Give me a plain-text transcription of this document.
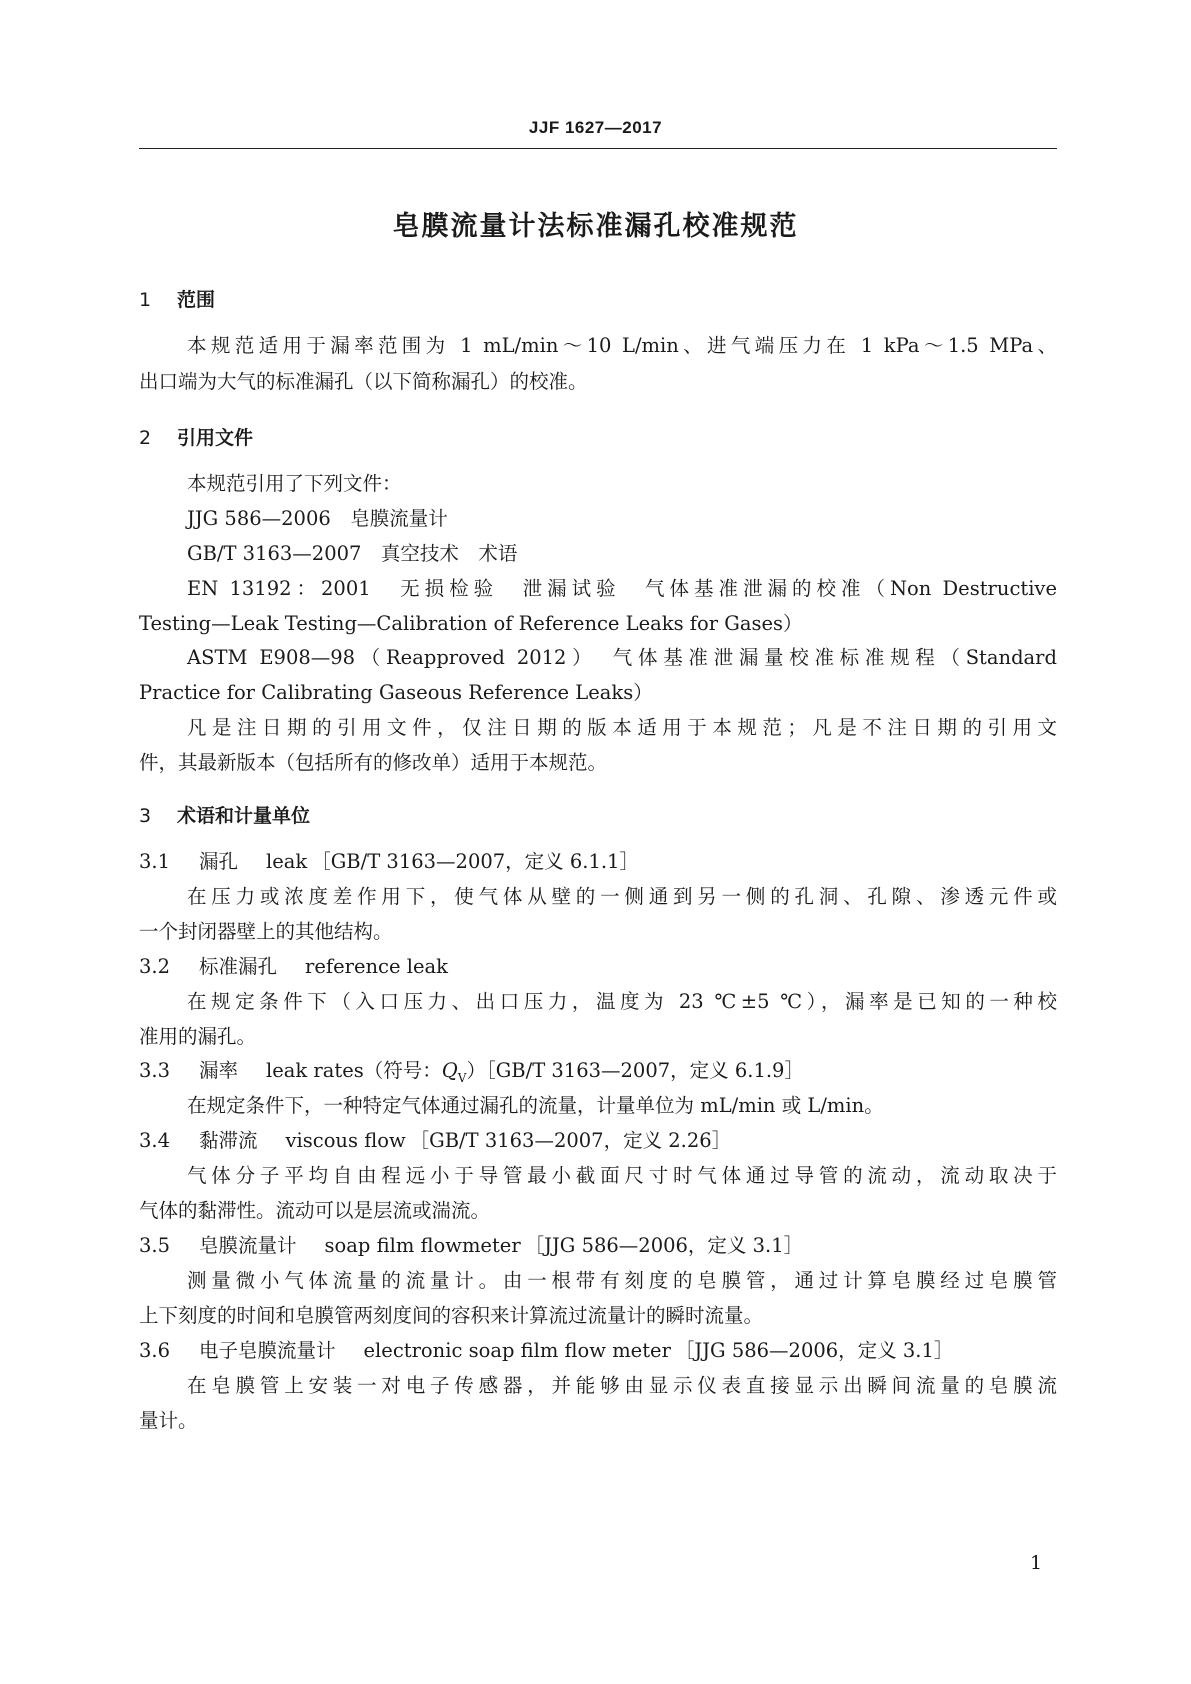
JJF 1627—2017
皂膜流量计法标准漏孔校准规范
1 范围
本规范适用于漏率范围为 1 mL/min～10 L/min、进气端压力在 1 kPa～1.5 MPa、
出口端为大气的标准漏孔（以下简称漏孔）的校准。
2 引用文件
本规范引用了下列文件：
JJG 586—2006　皂膜流量计
GB/T 3163—2007　真空技术　术语
EN 13192：2001　无损检验　泄漏试验　气体基准泄漏的校准（Non Destructive
Testing—Leak Testing—Calibration of Reference Leaks for Gases）
ASTM E908—98（Reapproved 2012）　气体基准泄漏量校准标准规程（Standard
Practice for Calibrating Gaseous Reference Leaks）
凡是注日期的引用文件，仅注日期的版本适用于本规范；凡是不注日期的引用文
件，其最新版本（包括所有的修改单）适用于本规范。
3 术语和计量单位
3.1 漏孔 leak ［GB/T 3163—2007，定义 6.1.1］
在压力或浓度差作用下，使气体从壁的一侧通到另一侧的孔洞、孔隙、渗透元件或
一个封闭器壁上的其他结构。
3.2 标准漏孔 reference leak
在规定条件下（入口压力、出口压力，温度为 23 ℃±5 ℃），漏率是已知的一种校
准用的漏孔。
3.3 漏率 leak rates（符号：$Q_V)[GB/T$ 3163—2007，定义 6.1.9］
在规定条件下，一种特定气体通过漏孔的流量，计量单位为 mL/min 或 L/min。
3.4 黏滞流 viscous flow ［GB/T 3163—2007，定义 2.26］
气体分子平均自由程远小于导管最小截面尺寸时气体通过导管的流动，流动取决于
气体的黏滞性。流动可以是层流或湍流。
3.5 皂膜流量计 soap film flowmeter ［JJG 586—2006，定义 3.1］
测量微小气体流量的流量计。由一根带有刻度的皂膜管，通过计算皂膜经过皂膜管
上下刻度的时间和皂膜管两刻度间的容积来计算流过流量计的瞬时流量。
3.6 电子皂膜流量计 electronic soap film flow meter ［JJG 586—2006，定义 3.1］
在皂膜管上安装一对电子传感器，并能够由显示仪表直接显示出瞬间流量的皂膜流
量计。
1
